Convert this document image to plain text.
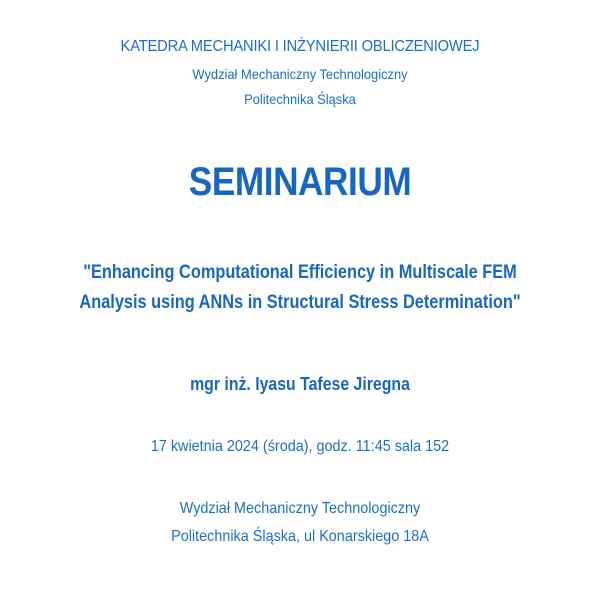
KATEDRA MECHANIKI I INŻYNIERII OBLICZENIOWEJ
Wydział Mechaniczny Technologiczny
Politechnika Śląska
SEMINARIUM
"Enhancing Computational Efficiency in Multiscale FEM
Analysis using ANNs in Structural Stress Determination"
mgr inż. Iyasu Tafese Jiregna
17 kwietnia 2024 (środa), godz. 11:45 sala 152
Wydział Mechaniczny Technologiczny
Politechnika Śląska, ul Konarskiego 18A
